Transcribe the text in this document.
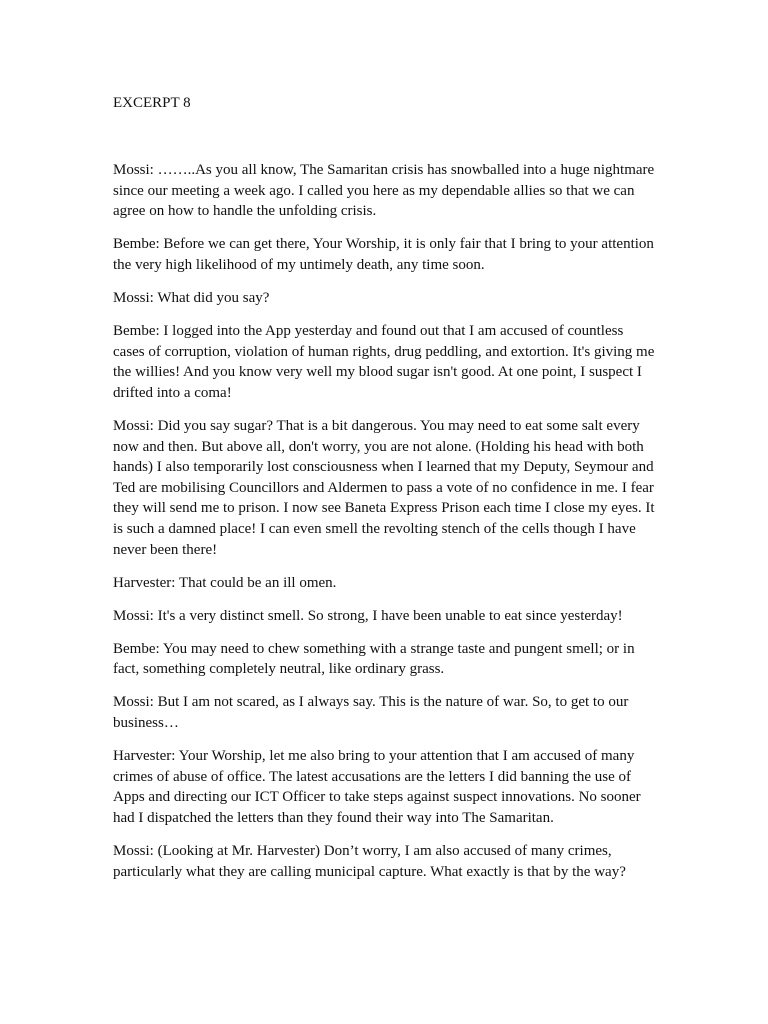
EXCERPT 8

Mossi: ……..As you all know, The Samaritan crisis has snowballed into a huge nightmare since our meeting a week ago. I called you here as my dependable allies so that we can agree on how to handle the unfolding crisis.

Bembe: Before we can get there, Your Worship, it is only fair that I bring to your attention the very high likelihood of my untimely death, any time soon.

Mossi: What did you say?

Bembe: I logged into the App yesterday and found out that I am accused of countless cases of corruption, violation of human rights, drug peddling, and extortion. It's giving me the willies! And you know very well my blood sugar isn't good. At one point, I suspect I drifted into a coma!

Mossi: Did you say sugar? That is a bit dangerous. You may need to eat some salt every now and then. But above all, don't worry, you are not alone. (Holding his head with both hands) I also temporarily lost consciousness when I learned that my Deputy, Seymour and Ted are mobilising Councillors and Aldermen to pass a vote of no confidence in me. I fear they will send me to prison. I now see Baneta Express Prison each time I close my eyes. It is such a damned place! I can even smell the revolting stench of the cells though I have never been there!

Harvester: That could be an ill omen.

Mossi: It's a very distinct smell. So strong, I have been unable to eat since yesterday!

Bembe: You may need to chew something with a strange taste and pungent smell; or in fact, something completely neutral, like ordinary grass.

Mossi: But I am not scared, as I always say. This is the nature of war. So, to get to our business…

Harvester: Your Worship, let me also bring to your attention that I am accused of many crimes of abuse of office. The latest accusations are the letters I did banning the use of Apps and directing our ICT Officer to take steps against suspect innovations. No sooner had I dispatched the letters than they found their way into The Samaritan.

Mossi: (Looking at Mr. Harvester) Don’t worry, I am also accused of many crimes, particularly what they are calling municipal capture. What exactly is that by the way?
